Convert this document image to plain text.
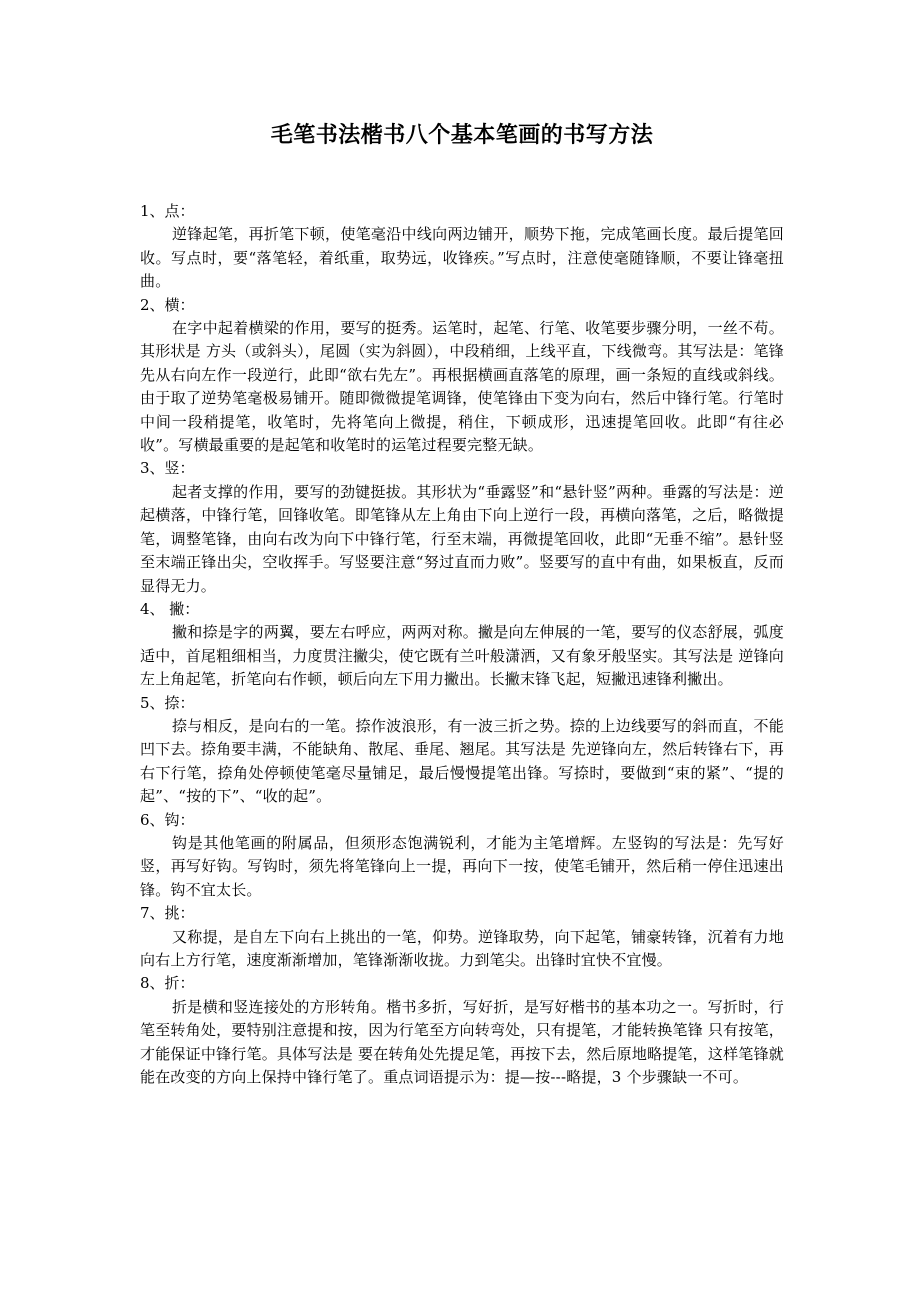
毛笔书法楷书八个基本笔画的书写方法

1、点：

逆锋起笔，再折笔下顿，使笔毫沿中线向两边铺开，顺势下拖，完成笔画长度。最后提笔回收。写点时，要“落笔轻，着纸重，取势远，收锋疾。”写点时，注意使毫随锋顺，不要让锋毫扭曲。

2、横：

在字中起着横梁的作用，要写的挺秀。运笔时，起笔、行笔、收笔要步骤分明，一丝不苟。其形状是 方头（或斜头），尾圆（实为斜圆），中段稍细，上线平直，下线微弯。其写法是：笔锋先从右向左作一段逆行，此即“欲右先左”。再根据横画直落笔的原理，画一条短的直线或斜线。由于取了逆势笔毫极易铺开。随即微微提笔调锋，使笔锋由下变为向右，然后中锋行笔。行笔时中间一段稍提笔，收笔时，先将笔向上微提，稍住，下顿成形，迅速提笔回收。此即“有往必收”。写横最重要的是起笔和收笔时的运笔过程要完整无缺。

3、竖：

起者支撑的作用，要写的劲键挺拔。其形状为“垂露竖”和“悬针竖”两种。垂露的写法是：逆起横落，中锋行笔，回锋收笔。即笔锋从左上角由下向上逆行一段，再横向落笔，之后，略微提笔，调整笔锋，由向右改为向下中锋行笔，行至末端，再微提笔回收，此即“无垂不缩”。悬针竖至末端正锋出尖，空收挥手。写竖要注意“努过直而力败”。竖要写的直中有曲，如果板直，反而显得无力。

4、 撇：

撇和捺是字的两翼，要左右呼应，两两对称。撇是向左伸展的一笔，要写的仪态舒展，弧度适中，首尾粗细相当，力度贯注撇尖，使它既有兰叶般潇洒，又有象牙般坚实。其写法是 逆锋向左上角起笔，折笔向右作顿，顿后向左下用力撇出。长撇末锋飞起，短撇迅速锋利撇出。

5、捺：

捺与相反，是向右的一笔。捺作波浪形，有一波三折之势。捺的上边线要写的斜而直，不能凹下去。捺角要丰满，不能缺角、散尾、垂尾、翘尾。其写法是 先逆锋向左，然后转锋右下，再右下行笔，捺角处停顿使笔毫尽量铺足，最后慢慢提笔出锋。写捺时，要做到“束的紧”、“提的起”、“按的下”、“收的起”。

6、钩：

钩是其他笔画的附属品，但须形态饱满锐利，才能为主笔增辉。左竖钩的写法是：先写好竖，再写好钩。写钩时，须先将笔锋向上一提，再向下一按，使笔毛铺开，然后稍一停住迅速出锋。钩不宜太长。

7、挑：

又称提，是自左下向右上挑出的一笔，仰势。逆锋取势，向下起笔，铺豪转锋，沉着有力地向右上方行笔，速度渐渐增加，笔锋渐渐收拢。力到笔尖。出锋时宜快不宜慢。

8、折：

折是横和竖连接处的方形转角。楷书多折，写好折，是写好楷书的基本功之一。写折时，行笔至转角处，要特别注意提和按，因为行笔至方向转弯处，只有提笔，才能转换笔锋 只有按笔，才能保证中锋行笔。具体写法是 要在转角处先提足笔，再按下去，然后原地略提笔，这样笔锋就能在改变的方向上保持中锋行笔了。重点词语提示为：提—按---略提，3 个步骤缺一不可。
